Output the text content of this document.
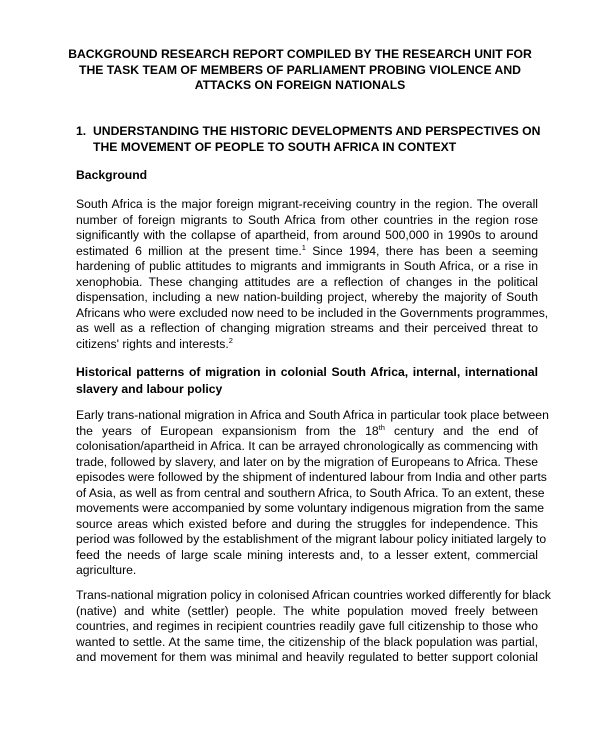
BACKGROUND RESEARCH REPORT COMPILED BY THE RESEARCH UNIT FOR THE TASK TEAM OF MEMBERS OF PARLIAMENT PROBING VIOLENCE AND ATTACKS ON FOREIGN NATIONALS
1. UNDERSTANDING THE HISTORIC DEVELOPMENTS AND PERSPECTIVES ON THE MOVEMENT OF PEOPLE TO SOUTH AFRICA IN CONTEXT
Background
South Africa is the major foreign migrant-receiving country in the region. The overall
number of foreign migrants to South Africa from other countries in the region rose
significantly with the collapse of apartheid, from around 500,000 in 1990s to around
estimated 6 million at the present time.$^1$ Since 1994, there has been a seeming
hardening of public attitudes to migrants and immigrants in South Africa, or a rise in
xenophobia. These changing attitudes are a reflection of changes in the political
dispensation, including a new nation-building project, whereby the majority of South
Africans who were excluded now need to be included in the Governments programmes,
as well as a reflection of changing migration streams and their perceived threat to
citizens' rights and interests.$^2$
Historical patterns of migration in colonial South Africa, internal, international slavery and labour policy
Early trans-national migration in Africa and South Africa in particular took place between
the years of European expansionism from the 18th century and the end of
colonisation/apartheid in Africa. It can be arrayed chronologically as commencing with
trade, followed by slavery, and later on by the migration of Europeans to Africa. These
episodes were followed by the shipment of indentured labour from India and other parts
of Asia, as well as from central and southern Africa, to South Africa. To an extent, these
movements were accompanied by some voluntary indigenous migration from the same
source areas which existed before and during the struggles for independence. This
period was followed by the establishment of the migrant labour policy initiated largely to
feed the needs of large scale mining interests and, to a lesser extent, commercial
agriculture.
Trans-national migration policy in colonised African countries worked differently for black
(native) and white (settler) people. The white population moved freely between
countries, and regimes in recipient countries readily gave full citizenship to those who
wanted to settle. At the same time, the citizenship of the black population was partial,
and movement for them was minimal and heavily regulated to better support colonial
